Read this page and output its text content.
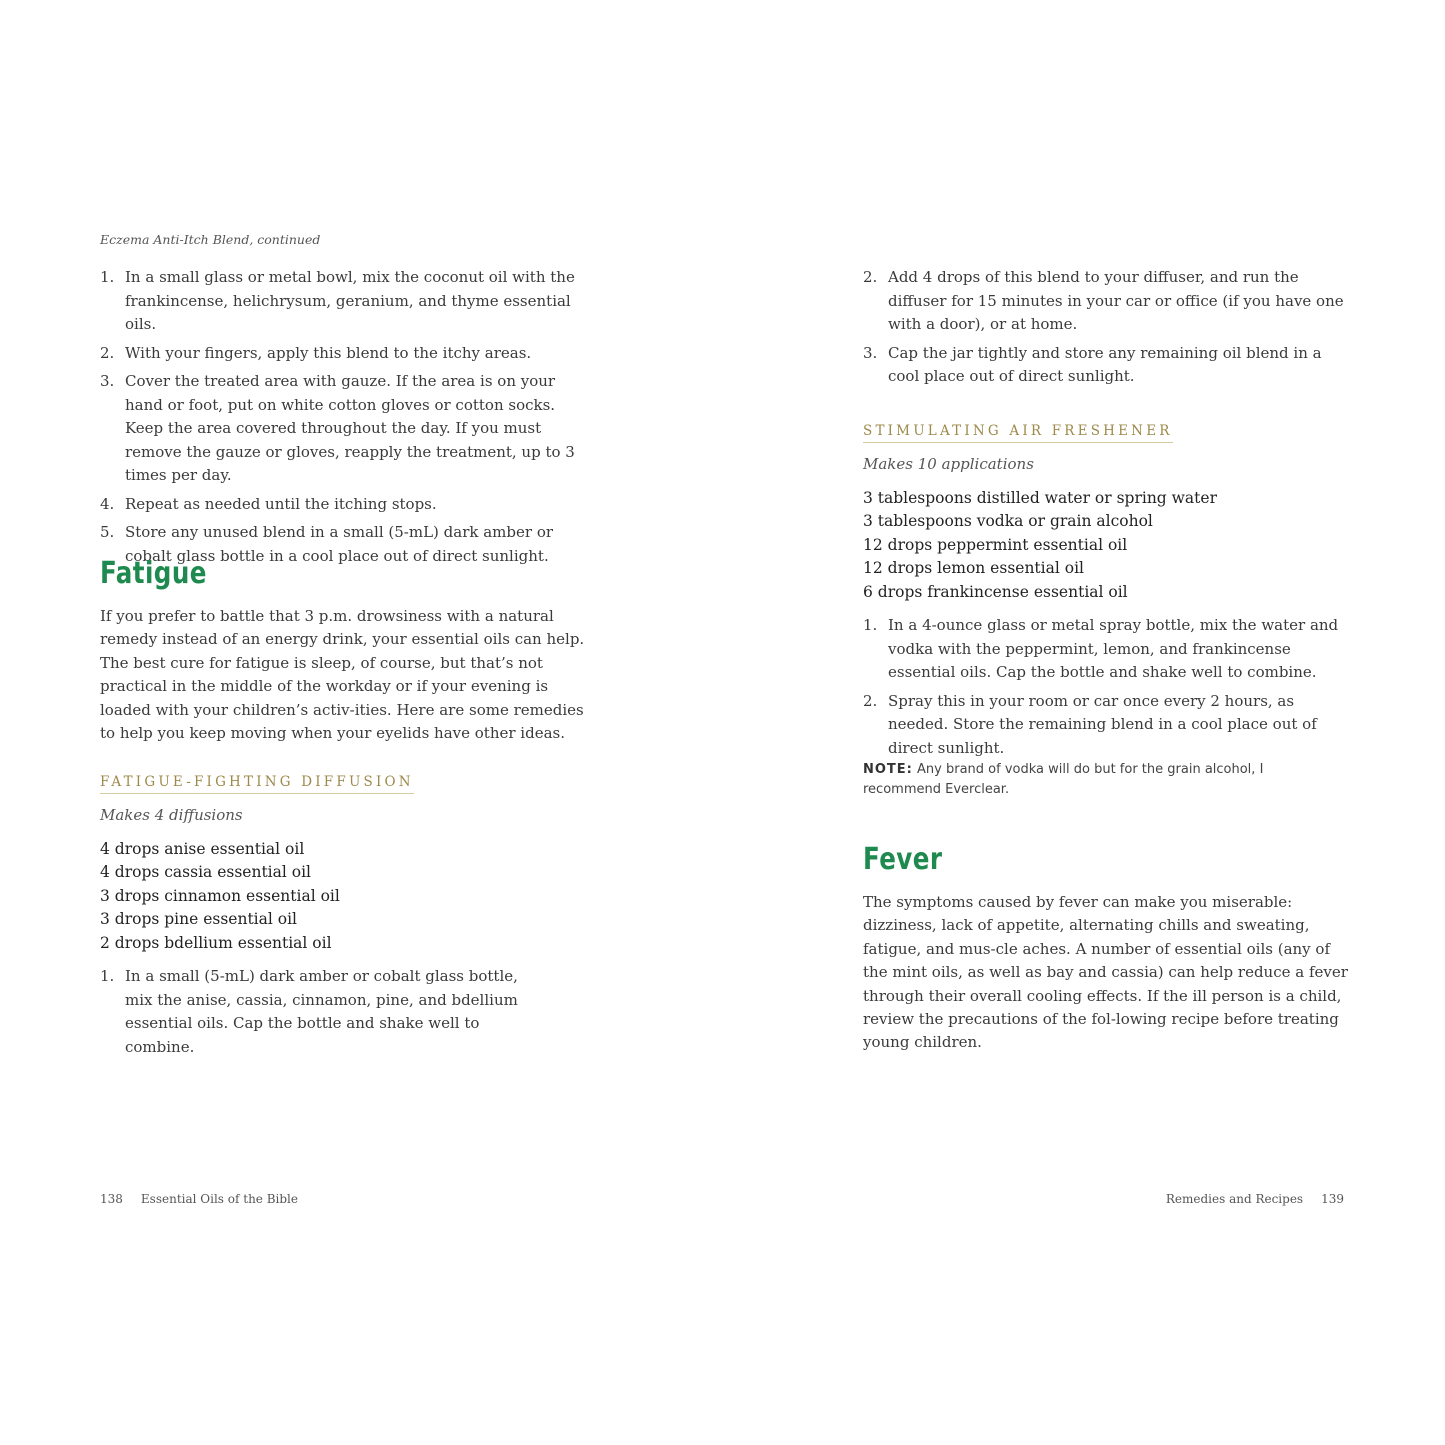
Eczema Anti-Itch Blend, continued
1. In a small glass or metal bowl, mix the coconut oil with the frankincense, helichrysum, geranium, and thyme essential oils.
2. With your fingers, apply this blend to the itchy areas.
3. Cover the treated area with gauze. If the area is on your hand or foot, put on white cotton gloves or cotton socks. Keep the area covered throughout the day. If you must remove the gauze or gloves, reapply the treatment, up to 3 times per day.
4. Repeat as needed until the itching stops.
5. Store any unused blend in a small (5-mL) dark amber or cobalt glass bottle in a cool place out of direct sunlight.
Fatigue

If you prefer to battle that 3 p.m. drowsiness with a natural remedy instead of an energy drink, your essential oils can help. The best cure for fatigue is sleep, of course, but that’s not practical in the middle of the workday or if your evening is loaded with your children’s activ-ities. Here are some remedies to help you keep moving when your eyelids have other ideas.

FATIGUE-FIGHTING DIFFUSION
Makes 4 diffusions
4 drops anise essential oil
4 drops cassia essential oil
3 drops cinnamon essential oil
3 drops pine essential oil
2 drops bdellium essential oil
1. In a small (5-mL) dark amber or cobalt glass bottle, mix the anise, cassia, cinnamon, pine, and bdellium essential oils. Cap the bottle and shake well to combine.
2. Add 4 drops of this blend to your diffuser, and run the diffuser for 15 minutes in your car or office (if you have one with a door), or at home.
3. Cap the jar tightly and store any remaining oil blend in a cool place out of direct sunlight.
STIMULATING AIR FRESHENER
Makes 10 applications
3 tablespoons distilled water or spring water
3 tablespoons vodka or grain alcohol
12 drops peppermint essential oil
12 drops lemon essential oil
6 drops frankincense essential oil
1. In a 4-ounce glass or metal spray bottle, mix the water and vodka with the peppermint, lemon, and frankincense essential oils. Cap the bottle and shake well to combine.
2. Spray this in your room or car once every 2 hours, as needed. Store the remaining blend in a cool place out of direct sunlight.
NOTE: Any brand of vodka will do but for the grain alcohol, I recommend Everclear.
Fever

The symptoms caused by fever can make you miserable: dizziness, lack of appetite, alternating chills and sweating, fatigue, and mus-cle aches. A number of essential oils (any of the mint oils, as well as bay and cassia) can help reduce a fever through their overall cooling effects. If the ill person is a child, review the precautions of the fol-lowing recipe before treating young children.

138 Essential Oils of the Bible	Remedies and Recipes 139
